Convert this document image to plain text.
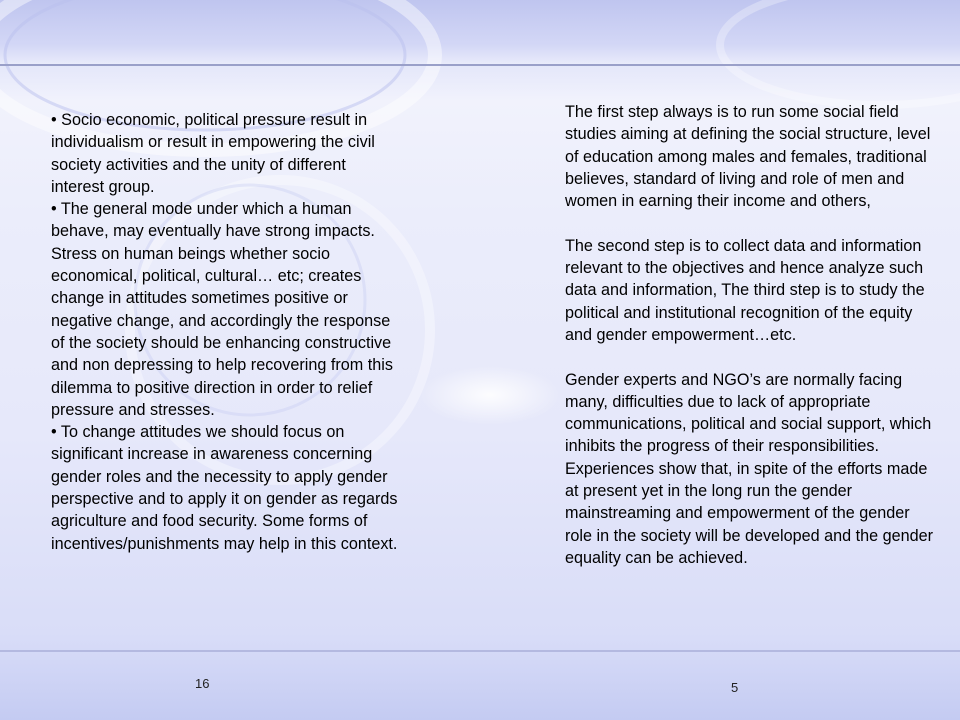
• Socio economic, political pressure result in individualism or result in empowering the civil society activities and the unity of different interest group.
• The general mode under which a human behave, may eventually have strong impacts. Stress on human beings whether socio economical, political, cultural… etc; creates change in attitudes sometimes positive or negative change, and accordingly the response of the society should be enhancing constructive and non depressing to help recovering from this dilemma to positive direction in order to relief pressure and stresses.
• To change attitudes we should focus on significant increase in awareness concerning gender roles and the necessity to apply gender perspective and to apply it on gender as regards agriculture and food security. Some forms of incentives/punishments may help in this context.
The first step always is to run some social field studies aiming at defining the social structure, level of education among males and females, traditional believes, standard of living and role of men and women in earning their income and others,

The second step is to collect data and information relevant to the objectives and hence analyze such data and information, The third step is to study the political and institutional recognition of the equity and gender empowerment…etc.

Gender experts and NGO’s are normally facing many, difficulties due to lack of appropriate communications, political and social support, which inhibits the progress of their responsibilities. Experiences show that, in spite of the efforts made at present yet in the long run the gender mainstreaming and empowerment of the gender role in the society will be developed and the gender equality can be achieved.
16	5
